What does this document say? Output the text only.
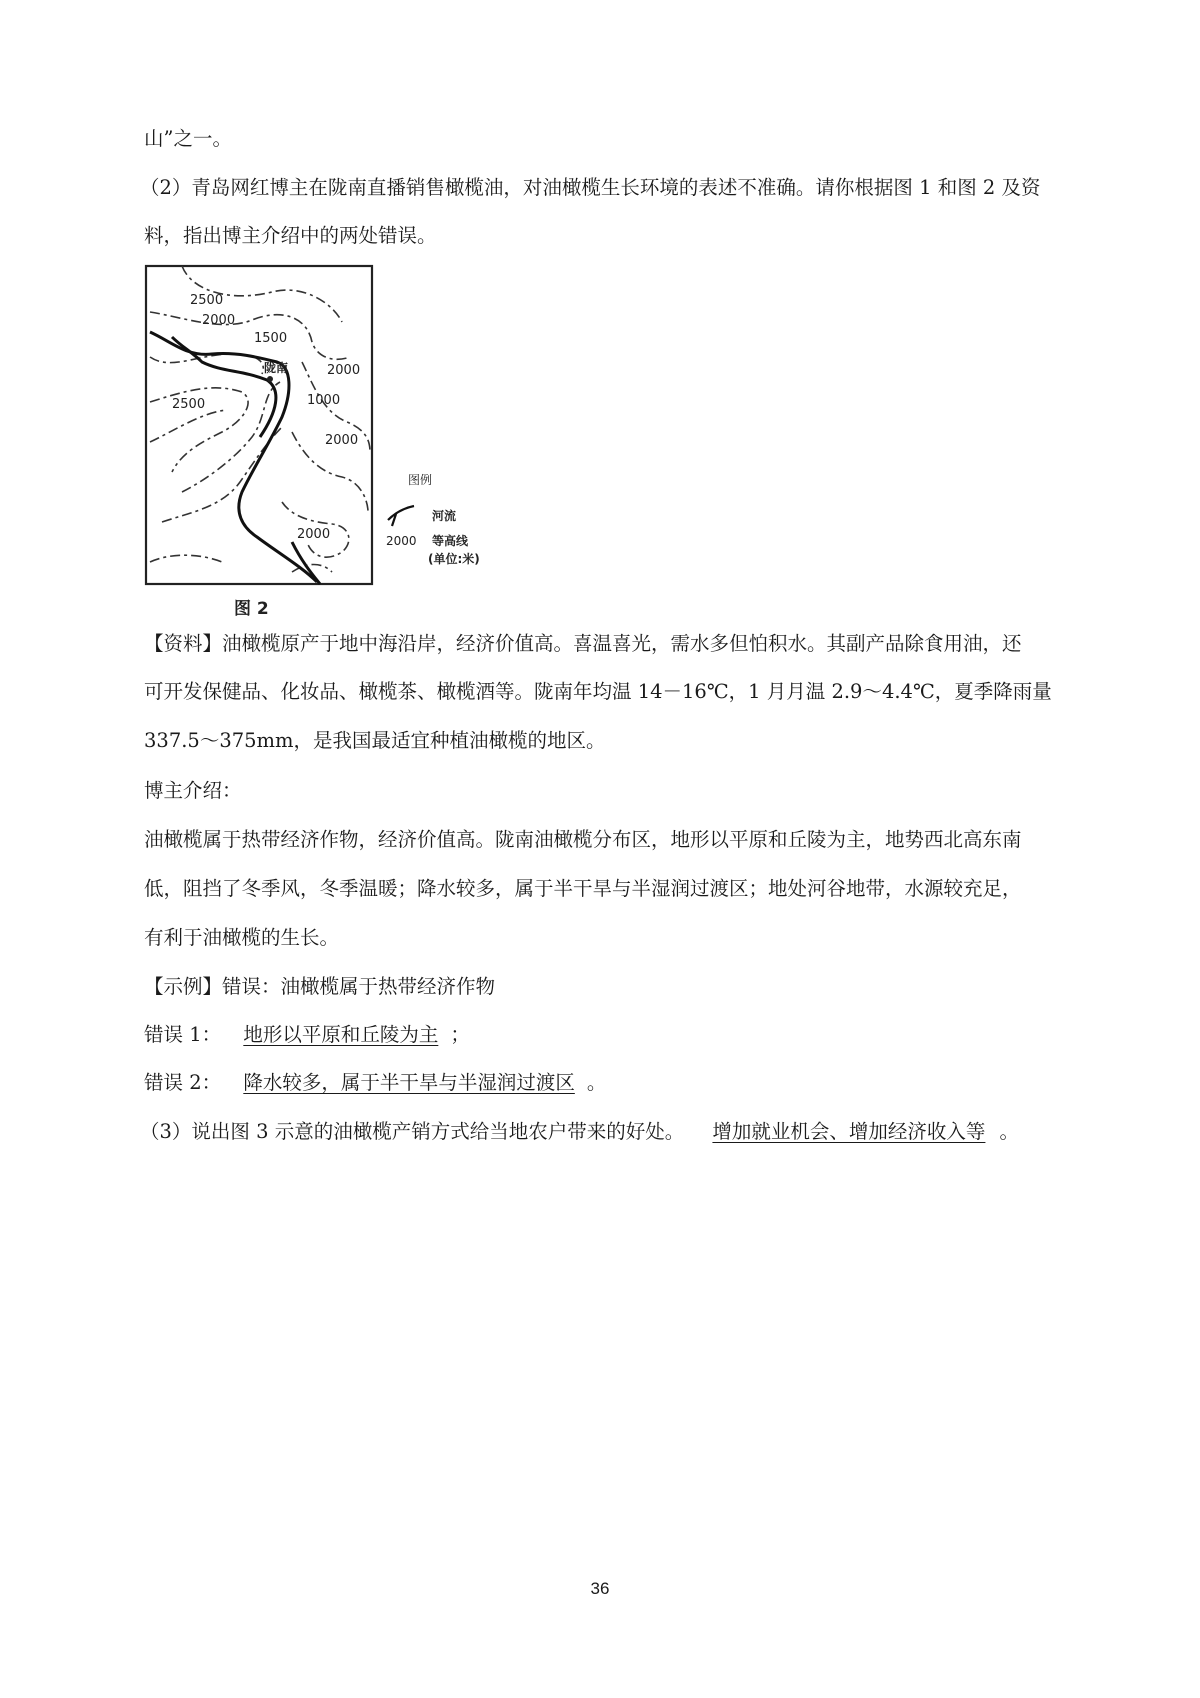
山”之一。
（2）青岛网红博主在陇南直播销售橄榄油，对油橄榄生长环境的表述不准确。请你根据图 1 和图 2 及资
料，指出博主介绍中的两处错误。
2500
2000
1500
2000
2500	1000
2000
2000
陇南
图例
河流
2000 等高线
(单位:米)
图 2
【资料】油橄榄原产于地中海沿岸，经济价值高。喜温喜光，需水多但怕积水。其副产品除食用油，还
可开发保健品、化妆品、橄榄茶、橄榄酒等。陇南年均温 14－16℃，1 月月温 2.9～4.4℃，夏季降雨量
337.5～375mm，是我国最适宜种植油橄榄的地区。
博主介绍：
油橄榄属于热带经济作物，经济价值高。陇南油橄榄分布区，地形以平原和丘陵为主，地势西北高东南
低，阻挡了冬季风，冬季温暖；降水较多，属于半干旱与半湿润过渡区；地处河谷地带，水源较充足，
有利于油橄榄的生长。
【示例】错误：油橄榄属于热带经济作物
错误 1： 地形以平原和丘陵为主 ；
错误 2： 降水较多，属于半干旱与半湿润过渡区 。
（3）说出图 3 示意的油橄榄产销方式给当地农户带来的好处。 增加就业机会、增加经济收入等 。
36
